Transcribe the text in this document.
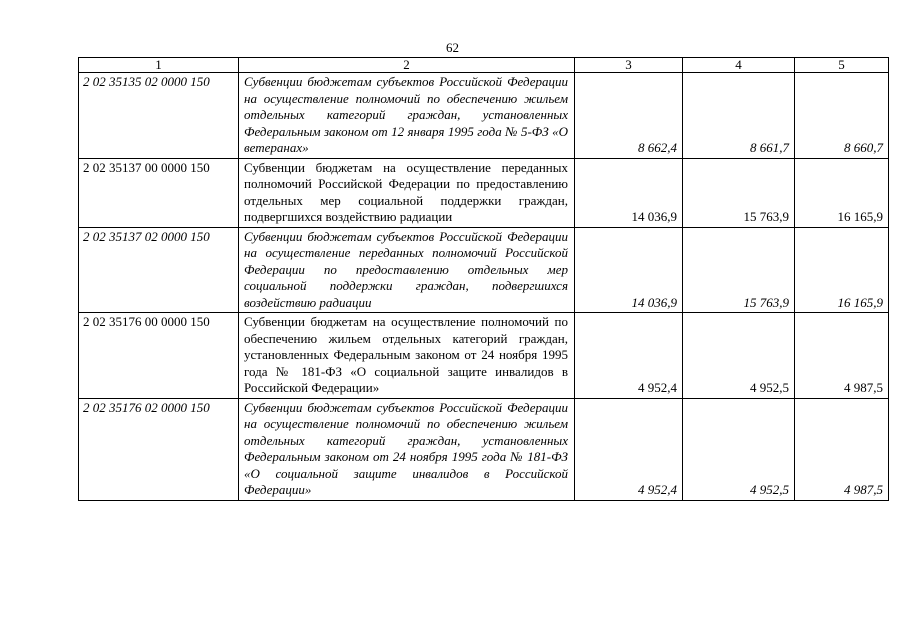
62
1	2	3	4	5
2 02 35135 02 0000 150	Субвенции бюджетам субъектов Российской Федерации на осуществление полномочий по обеспечению жильем отдельных категорий граждан, установленных Федеральным законом от 12 января 1995 года № 5-ФЗ «О ветеранах»	8 662,4	8 661,7	8 660,7
2 02 35137 00 0000 150	Субвенции бюджетам на осуществление переданных полномочий Российской Федерации по предоставлению отдельных мер социальной поддержки граждан, подвергшихся воздействию радиации	14 036,9	15 763,9	16 165,9
2 02 35137 02 0000 150	Субвенции бюджетам субъектов Российской Федерации на осуществление переданных полномочий Российской Федерации по предоставлению отдельных мер социальной поддержки граждан, подвергшихся воздействию радиации	14 036,9	15 763,9	16 165,9
2 02 35176 00 0000 150	Субвенции бюджетам на осуществление полномочий по обеспечению жильем отдельных категорий граждан, установленных Федеральным законом от 24 ноября 1995 года № 181-ФЗ «О социальной защите инвалидов в Российской Федерации»	4 952,4	4 952,5	4 987,5
2 02 35176 02 0000 150	Субвенции бюджетам субъектов Российской Федерации на осуществление полномочий по обеспечению жильем отдельных категорий граждан, установленных Федеральным законом от 24 ноября 1995 года № 181-ФЗ «О социальной защите инвалидов в Российской Федерации»	4 952,4	4 952,5	4 987,5
